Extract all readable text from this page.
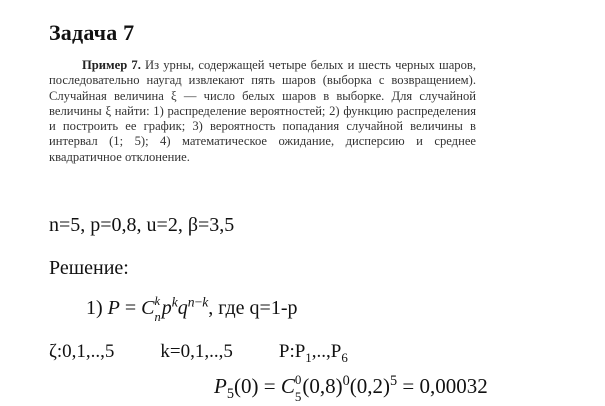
Задача 7
Пример 7. Из урны, содержащей четыре белых и шесть черных шаров, последовательно наугад извлекают пять шаров (выборка с возвращением). Случайная величина ξ — число белых шаров в выборке. Для случайной величины ξ найти: 1) распределение вероятностей; 2) функцию распределения и построить ее график; 3) вероятность попадания случайной величины в интервал (1; 5); 4) математическое ожидание, дисперсию и среднее квадратичное отклонение.
n=5, p=0,8, u=2, β=3,5
Решение:
1) P = C k
n $p^kq^{n-k}$, где q=1-p
ζ:0,1,..,5 k=0,1,..,5 $P:P_1,..,P_6$
$P_5(0) = C$ 0
5 $(0,8)^0(0,2)^5 = 0,00032$
